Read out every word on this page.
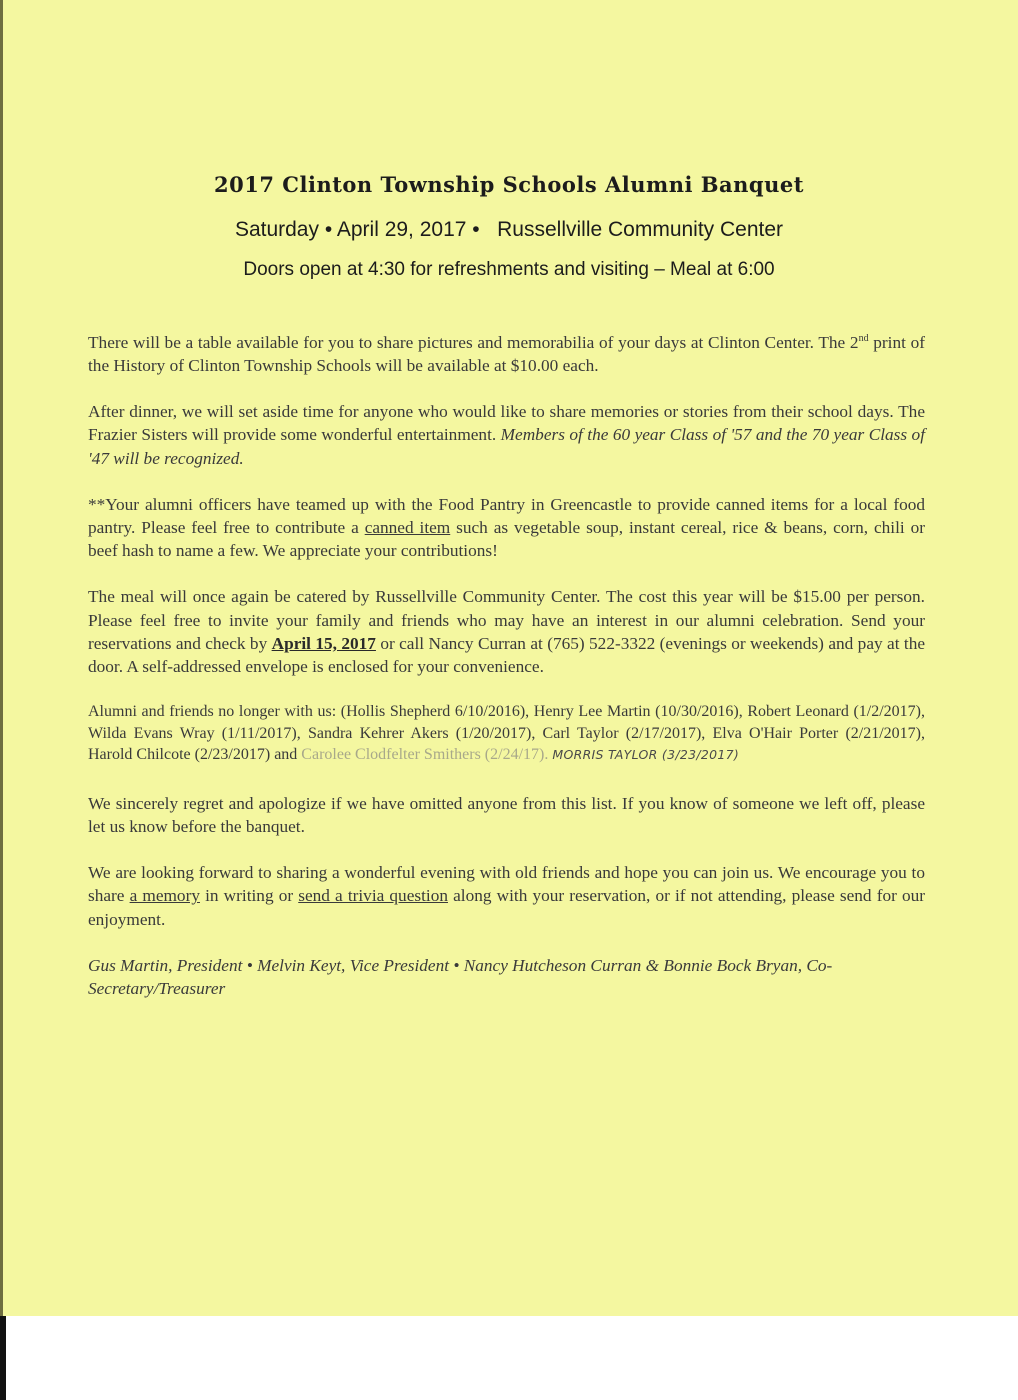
2017 Clinton Township Schools Alumni Banquet
Saturday • April 29, 2017 •   Russellville Community Center
Doors open at 4:30 for refreshments and visiting – Meal at 6:00

There will be a table available for you to share pictures and memorabilia of your days at Clinton Center. The 2nd print of the History of Clinton Township Schools will be available at $10.00 each.

After dinner, we will set aside time for anyone who would like to share memories or stories from their school days. The Frazier Sisters will provide some wonderful entertainment. Members of the 60 year Class of '57 and the 70 year Class of '47 will be recognized.

**Your alumni officers have teamed up with the Food Pantry in Greencastle to provide canned items for a local food pantry. Please feel free to contribute a canned item such as vegetable soup, instant cereal, rice & beans, corn, chili or beef hash to name a few. We appreciate your contributions!

The meal will once again be catered by Russellville Community Center. The cost this year will be $15.00 per person. Please feel free to invite your family and friends who may have an interest in our alumni celebration. Send your reservations and check by April 15, 2017 or call Nancy Curran at (765) 522-3322 (evenings or weekends) and pay at the door. A self-addressed envelope is enclosed for your convenience.

Alumni and friends no longer with us: (Hollis Shepherd 6/10/2016), Henry Lee Martin (10/30/2016), Robert Leonard (1/2/2017), Wilda Evans Wray (1/11/2017), Sandra Kehrer Akers (1/20/2017), Carl Taylor (2/17/2017), Elva O'Hair Porter (2/21/2017), Harold Chilcote (2/23/2017) and Carolee Clodfelter Smithers (2/24/17). MORRIS TAYLOR (3/23/2017)

We sincerely regret and apologize if we have omitted anyone from this list. If you know of someone we left off, please let us know before the banquet.

We are looking forward to sharing a wonderful evening with old friends and hope you can join us. We encourage you to share a memory in writing or send a trivia question along with your reservation, or if not attending, please send for our enjoyment.

Gus Martin, President • Melvin Keyt, Vice President • Nancy Hutcheson Curran & Bonnie Bock Bryan, Co-Secretary/Treasurer
